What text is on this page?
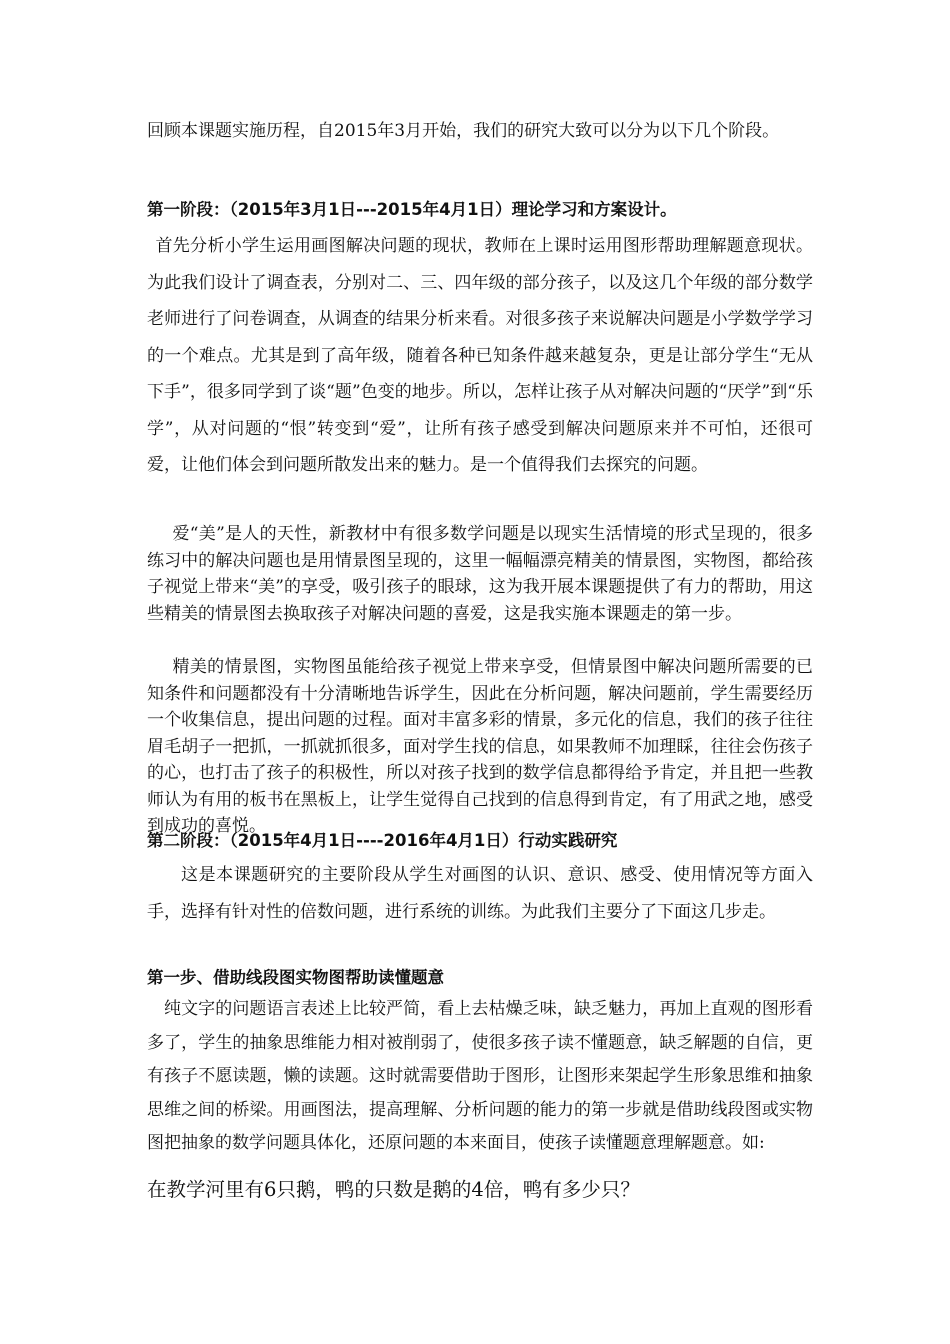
回顾本课题实施历程，自2015年3月开始，我们的研究大致可以分为以下几个阶段。

第一阶段：（2015年3月1日---2015年4月1日）理论学习和方案设计。

首先分析小学生运用画图解决问题的现状，教师在上课时运用图形帮助理解题意现状。为此我们设计了调查表，分别对二、三、四年级的部分孩子，以及这几个年级的部分数学老师进行了问卷调查，从调查的结果分析来看。对很多孩子来说解决问题是小学数学学习的一个难点。尤其是到了高年级，随着各种已知条件越来越复杂，更是让部分学生“无从下手”，很多同学到了谈“题”色变的地步。所以，怎样让孩子从对解决问题的“厌学”到“乐学”，从对问题的“恨”转变到“爱”，让所有孩子感受到解决问题原来并不可怕，还很可爱，让他们体会到问题所散发出来的魅力。是一个值得我们去探究的问题。

爱“美”是人的天性，新教材中有很多数学问题是以现实生活情境的形式呈现的，很多练习中的解决问题也是用情景图呈现的，这里一幅幅漂亮精美的情景图，实物图，都给孩子视觉上带来“美”的享受，吸引孩子的眼球，这为我开展本课题提供了有力的帮助，用这些精美的情景图去换取孩子对解决问题的喜爱，这是我实施本课题走的第一步。

精美的情景图，实物图虽能给孩子视觉上带来享受，但情景图中解决问题所需要的已知条件和问题都没有十分清晰地告诉学生，因此在分析问题，解决问题前，学生需要经历一个收集信息，提出问题的过程。面对丰富多彩的情景，多元化的信息，我们的孩子往往眉毛胡子一把抓，一抓就抓很多，面对学生找的信息，如果教师不加理睬，往往会伤孩子的心，也打击了孩子的积极性，所以对孩子找到的数学信息都得给予肯定，并且把一些教师认为有用的板书在黑板上，让学生觉得自己找到的信息得到肯定，有了用武之地，感受到成功的喜悦。

第二阶段：（2015年4月1日----2016年4月1日）行动实践研究

这是本课题研究的主要阶段从学生对画图的认识、意识、感受、使用情况等方面入手，选择有针对性的倍数问题，进行系统的训练。为此我们主要分了下面这几步走。

第一步、借助线段图实物图帮助读懂题意

纯文字的问题语言表述上比较严简，看上去枯燥乏味，缺乏魅力，再加上直观的图形看多了，学生的抽象思维能力相对被削弱了，使很多孩子读不懂题意，缺乏解题的自信，更有孩子不愿读题，懒的读题。这时就需要借助于图形，让图形来架起学生形象思维和抽象思维之间的桥梁。用画图法，提高理解、分析问题的能力的第一步就是借助线段图或实物图把抽象的数学问题具体化，还原问题的本来面目，使孩子读懂题意理解题意。如:

在教学河里有6只鹅，鸭的只数是鹅的4倍，鸭有多少只？
